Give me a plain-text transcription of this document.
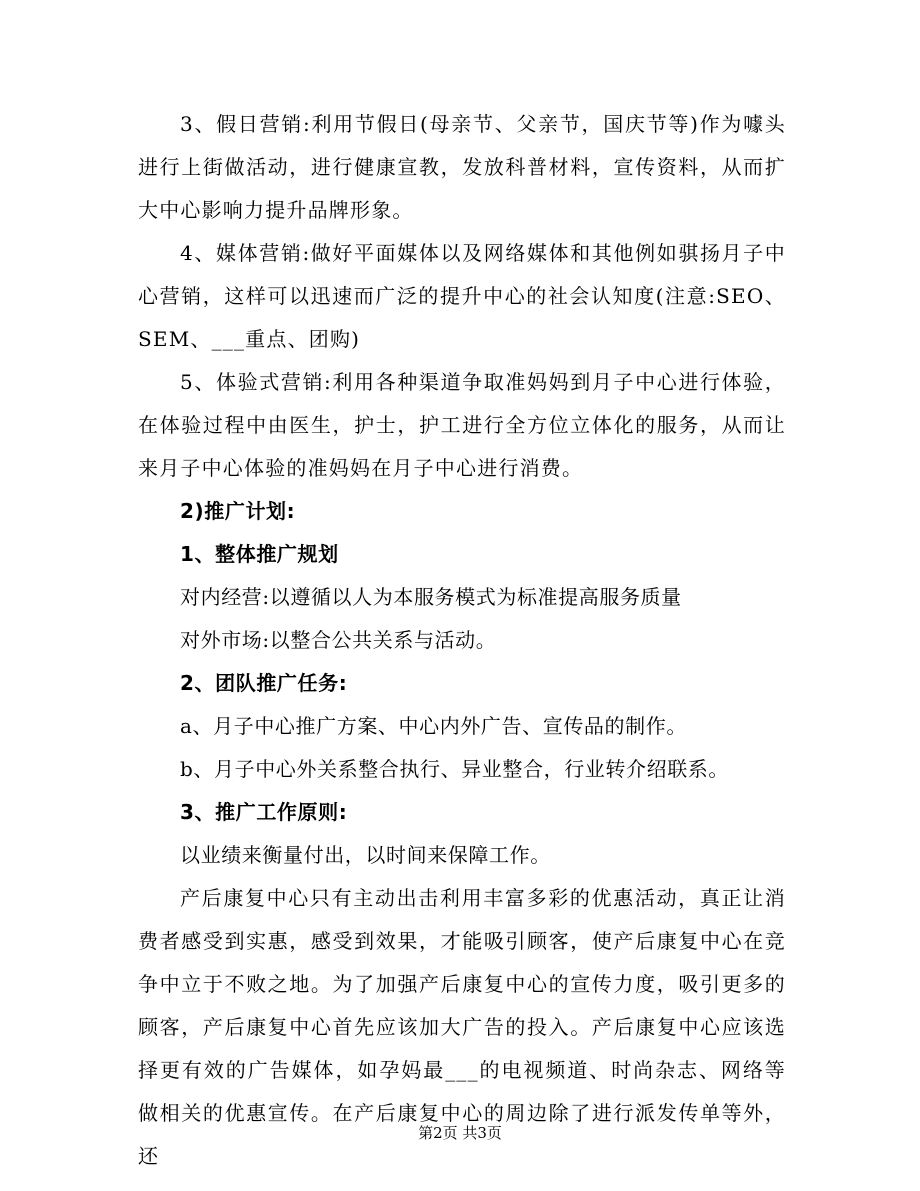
3、假日营销:利用节假日(母亲节、父亲节，国庆节等)作为噱头进行上街做活动，进行健康宣教，发放科普材料，宣传资料，从而扩大中心影响力提升品牌形象。

4、媒体营销:做好平面媒体以及网络媒体和其他例如骐扬月子中心营销，这样可以迅速而广泛的提升中心的社会认知度(注意:SEO、SEM、___重点、团购)

5、体验式营销:利用各种渠道争取准妈妈到月子中心进行体验，在体验过程中由医生，护士，护工进行全方位立体化的服务，从而让来月子中心体验的准妈妈在月子中心进行消费。

2)推广计划:

1、整体推广规划

对内经营:以遵循以人为本服务模式为标准提高服务质量

对外市场:以整合公共关系与活动。

2、团队推广任务:

a、月子中心推广方案、中心内外广告、宣传品的制作。

b、月子中心外关系整合执行、异业整合，行业转介绍联系。

3、推广工作原则:

以业绩来衡量付出，以时间来保障工作。

产后康复中心只有主动出击利用丰富多彩的优惠活动，真正让消费者感受到实惠，感受到效果，才能吸引顾客，使产后康复中心在竞争中立于不败之地。为了加强产后康复中心的宣传力度，吸引更多的顾客，产后康复中心首先应该加大广告的投入。产后康复中心应该选择更有效的广告媒体，如孕妈最___的电视频道、时尚杂志、网络等做相关的优惠宣传。在产后康复中心的周边除了进行派发传单等外，还

第2页 共3页
